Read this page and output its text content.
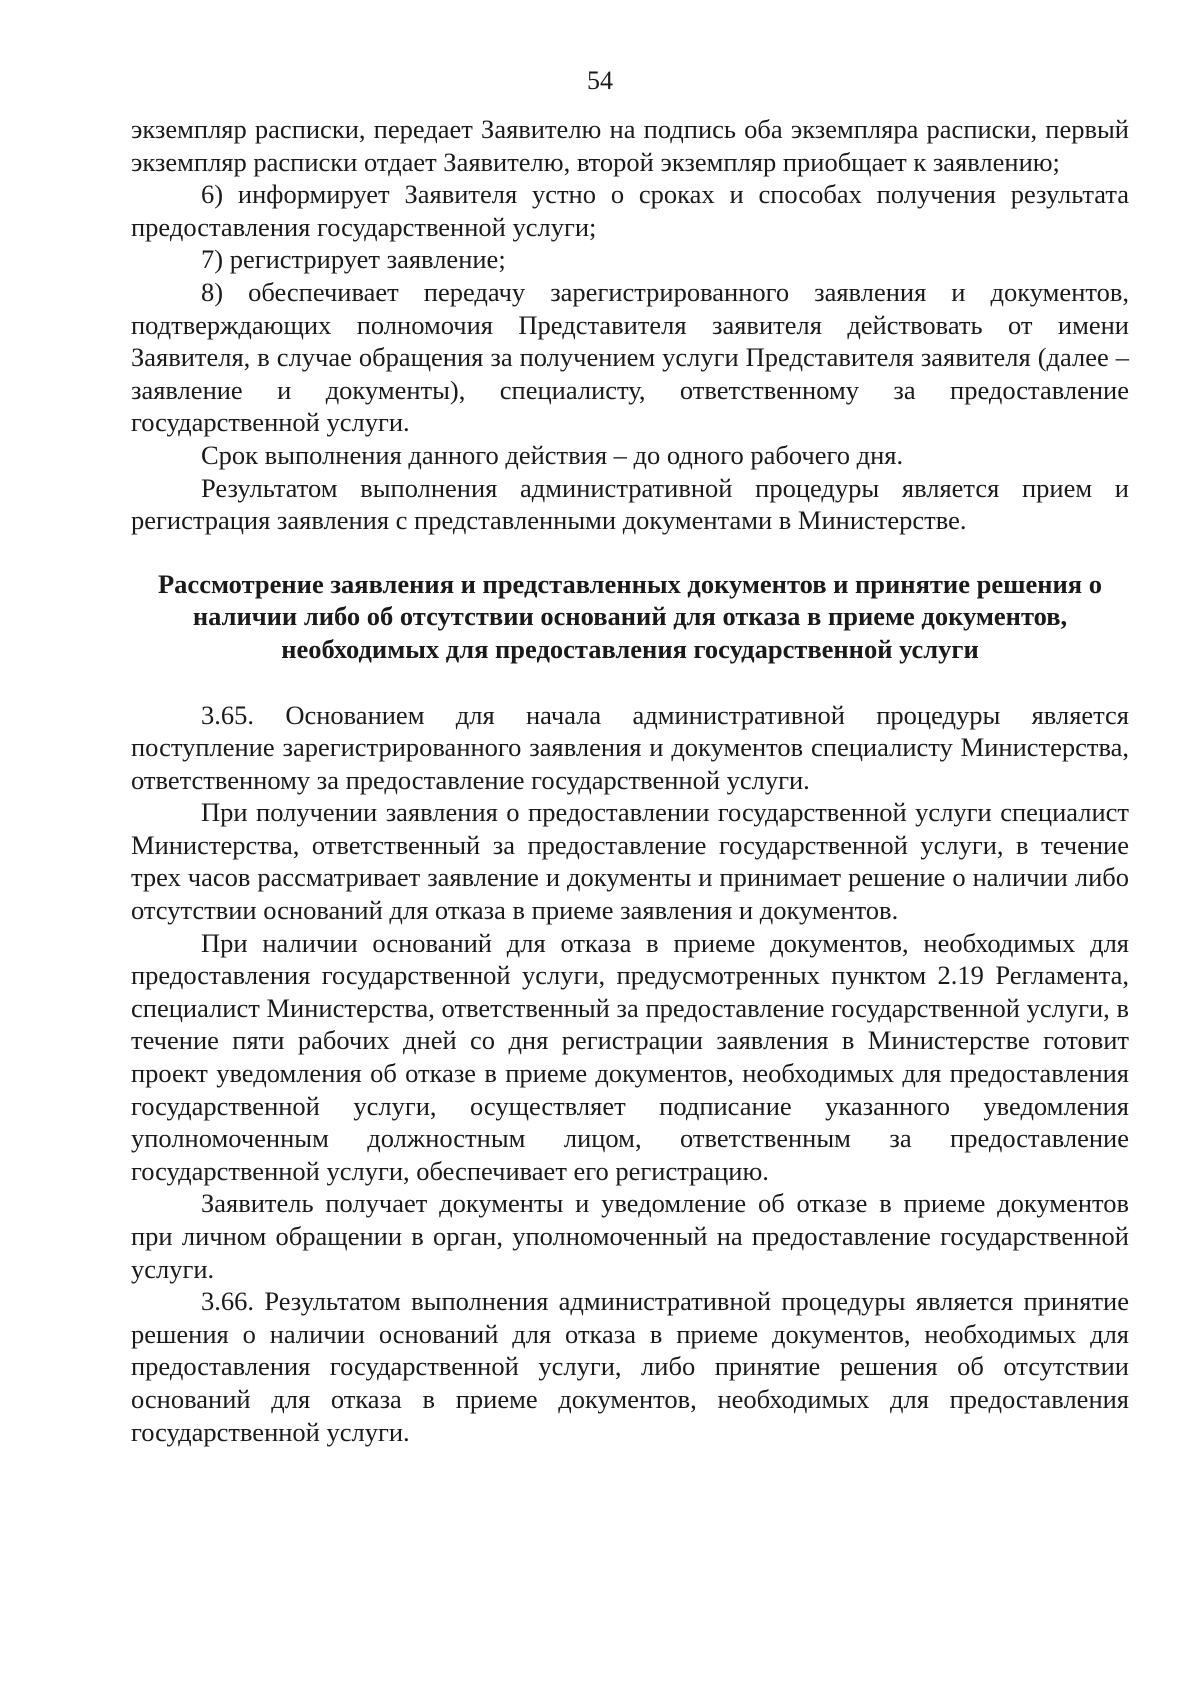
54

экземпляр расписки, передает Заявителю на подпись оба экземпляра расписки, первый экземпляр расписки отдает Заявителю, второй экземпляр приобщает к заявлению;

6) информирует Заявителя устно о сроках и способах получения результата предоставления государственной услуги;

7) регистрирует заявление;

8) обеспечивает передачу зарегистрированного заявления и документов, подтверждающих полномочия Представителя заявителя действовать от имени Заявителя, в случае обращения за получением услуги Представителя заявителя (далее – заявление и документы), специалисту, ответственному за предоставление государственной услуги.

Срок выполнения данного действия – до одного рабочего дня.

Результатом выполнения административной процедуры является прием и регистрация заявления с представленными документами в Министерстве.

Рассмотрение заявления и представленных документов и принятие решения о наличии либо об отсутствии оснований для отказа в приеме документов, необходимых для предоставления государственной услуги

3.65. Основанием для начала административной процедуры является поступление зарегистрированного заявления и документов специалисту Министерства, ответственному за предоставление государственной услуги.

При получении заявления о предоставлении государственной услуги специалист Министерства, ответственный за предоставление государственной услуги, в течение трех часов рассматривает заявление и документы и принимает решение о наличии либо отсутствии оснований для отказа в приеме заявления и документов.

При наличии оснований для отказа в приеме документов, необходимых для предоставления государственной услуги, предусмотренных пунктом 2.19 Регламента, специалист Министерства, ответственный за предоставление государственной услуги, в течение пяти рабочих дней со дня регистрации заявления в Министерстве готовит проект уведомления об отказе в приеме документов, необходимых для предоставления государственной услуги, осуществляет подписание указанного уведомления уполномоченным должностным лицом, ответственным за предоставление государственной услуги, обеспечивает его регистрацию.

Заявитель получает документы и уведомление об отказе в приеме документов при личном обращении в орган, уполномоченный на предоставление государственной услуги.

3.66. Результатом выполнения административной процедуры является принятие решения о наличии оснований для отказа в приеме документов, необходимых для предоставления государственной услуги, либо принятие решения об отсутствии оснований для отказа в приеме документов, необходимых для предоставления государственной услуги.
